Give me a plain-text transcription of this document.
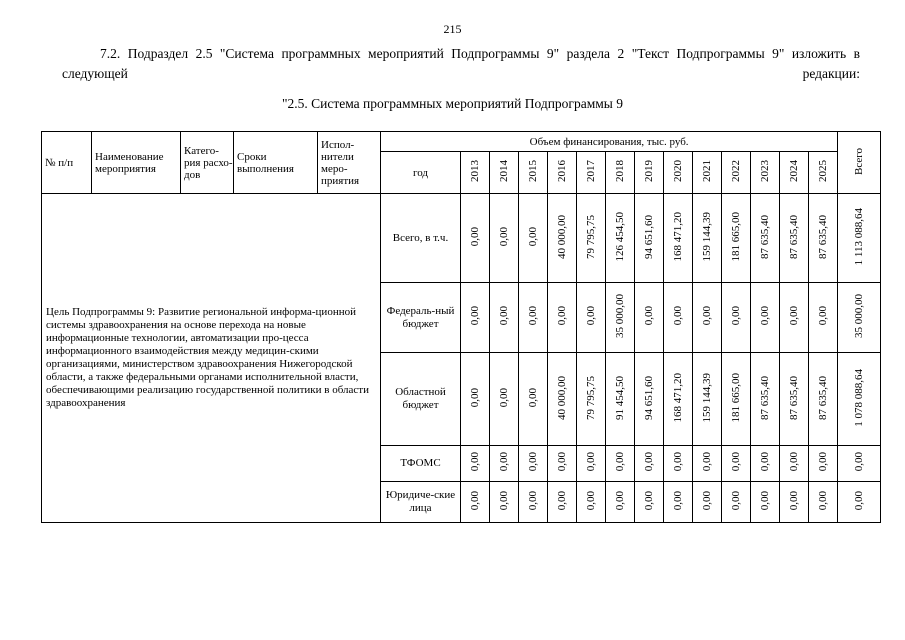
215
7.2. Подраздел 2.5 "Система программных мероприятий Подпрограммы 9" раздела 2 "Текст Подпрограммы 9" изложить в следующей редакции:
"2.5. Система программных мероприятий Подпрограммы 9
№ п/п	Наименование мероприятия	Катего-рия расхо-дов	Сроки выполнения	Испол-нители меро-приятия	Объем финансирования, тыс. руб.														Всего
					год	2013	2014	2015	2016	2017	2018	2019	2020	2021	2022	2023	2024	2025	
Цель Подпрограммы 9: Развитие региональной информа-ционной системы здравоохранения на основе перехода на новые информационные технологии, автоматизации про-цесса информационного взаимодействия между медицин-скими организациями, министерством здравоохранения Нижегородской области, а также федеральными органами исполнительной власти, обеспечивающими реализацию государственной политики в области здравоохранения					Всего, в т.ч.	0,00	0,00	0,00	40 000,00	79 795,75	126 454,50	94 651,60	168 471,20	159 144,39	181 665,00	87 635,40	87 635,40	87 635,40	1 113 088,64
					Федераль-ный бюджет	0,00	0,00	0,00	0,00	0,00	35 000,00	0,00	0,00	0,00	0,00	0,00	0,00	0,00	35 000,00
					Областной бюджет	0,00	0,00	0,00	40 000,00	79 795,75	91 454,50	94 651,60	168 471,20	159 144,39	181 665,00	87 635,40	87 635,40	87 635,40	1 078 088,64
					ТФОМС	0,00	0,00	0,00	0,00	0,00	0,00	0,00	0,00	0,00	0,00	0,00	0,00	0,00	0,00
					Юридиче-ские лица	0,00	0,00	0,00	0,00	0,00	0,00	0,00	0,00	0,00	0,00	0,00	0,00	0,00	0,00
